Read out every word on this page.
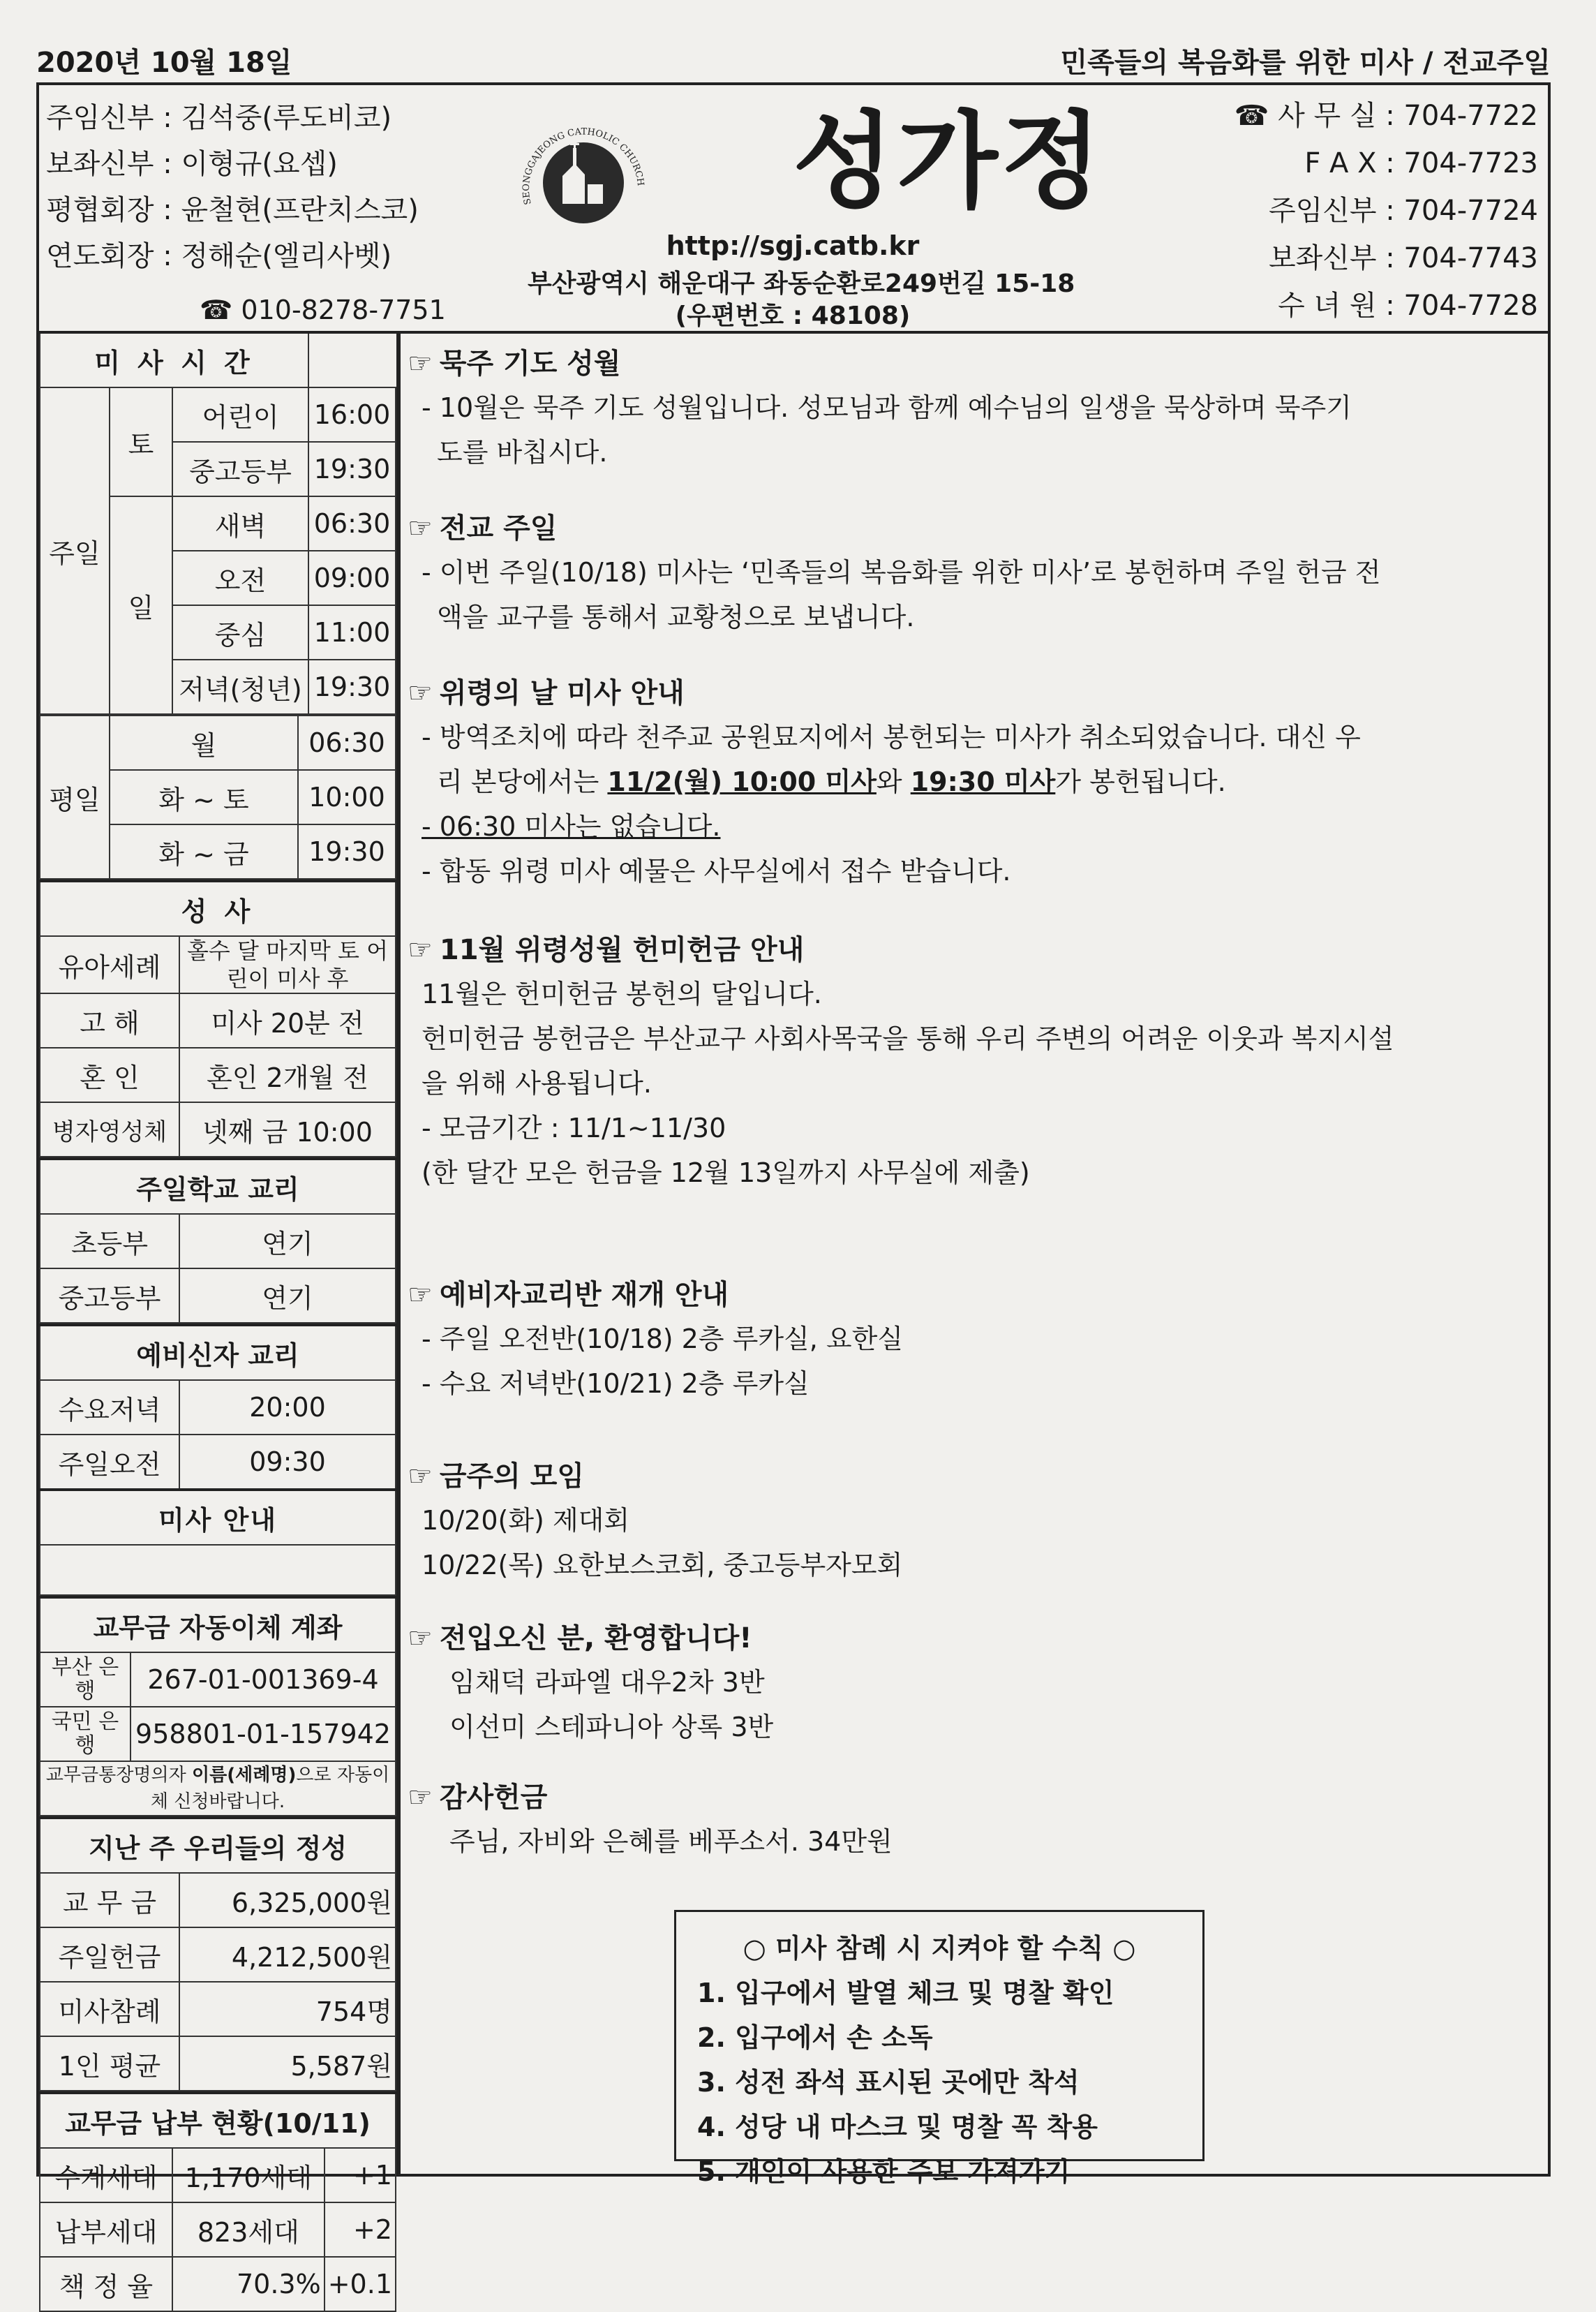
2020년 10월 18일	민족들의 복음화를 위한 미사 / 전교주일
주임신부 : 김석중(루도비코)
보좌신부 : 이형규(요셉)
평협회장 : 윤철현(프란치스코)
연도회장 : 정해순(엘리사벳)
☎ 010-8278-7751
SEONGGAJEONG CATHOLIC CHURCH 성가정
http://sgj.catb.kr
부산광역시 해운대구 좌동순환로249번길 15-18
(우편번호 : 48108)
☎ 사 무 실 : 704-7722
F A X : 704-7723
주임신부 : 704-7724
보좌신부 : 704-7743
수 녀 원 : 704-7728
미 사 시 간			
주일	토	어린이	16:00
		중고등부	19:30
	일	새벽	06:30
		오전	09:00
		중심	11:00
		저녁(청년)	19:30
평일	월	06:30
	화 ~ 토	10:00
	화 ~ 금	19:30
성 사	
유아세례	홀수 달 마지막 토 어린이 미사 후
고 해	미사 20분 전
혼 인	혼인 2개월 전
병자영성체	넷째 금 10:00
주일학교 교리	
초등부	연기
중고등부	연기
예비신자 교리	
수요저녁	20:00
주일오전	09:30
미사 안내	

교무금 자동이체 계좌	
부산 은행	267-01-001369-4
국민 은행	958801-01-157942
교무금통장명의자 이름(세례명)으로 자동이체 신청바랍니다.	
지난 주 우리들의 정성	
교 무 금	6,325,000원
주일헌금	4,212,500원
미사참례	754명
1인 평균	5,587원
교무금 납부 현황(10/11)		
수계세대	1,170세대	+1
납부세대	823세대	+2
책 정 율	70.3%	+0.1
☞ 묵주 기도 성월
- 10월은 묵주 기도 성월입니다. 성모님과 함께 예수님의 일생을 묵상하며 묵주기
도를 바칩시다.
☞ 전교 주일
- 이번 주일(10/18) 미사는 ‘민족들의 복음화를 위한 미사’로 봉헌하며 주일 헌금 전
액을 교구를 통해서 교황청으로 보냅니다.
☞ 위령의 날 미사 안내
- 방역조치에 따라 천주교 공원묘지에서 봉헌되는 미사가 취소되었습니다. 대신 우
리 본당에서는 11/2(월) 10:00 미사와 19:30 미사가 봉헌됩니다.
- 06:30 미사는 없습니다.
- 합동 위령 미사 예물은 사무실에서 접수 받습니다.
☞ 11월 위령성월 헌미헌금 안내
11월은 헌미헌금 봉헌의 달입니다.
헌미헌금 봉헌금은 부산교구 사회사목국을 통해 우리 주변의 어려운 이웃과 복지시설
을 위해 사용됩니다.
- 모금기간 : 11/1~11/30
(한 달간 모은 헌금을 12월 13일까지 사무실에 제출)
☞ 예비자교리반 재개 안내
- 주일 오전반(10/18) 2층 루카실, 요한실
- 수요 저녁반(10/21) 2층 루카실
☞ 금주의 모임
10/20(화) 제대회
10/22(목) 요한보스코회, 중고등부자모회
☞ 전입오신 분, 환영합니다!
임채덕 라파엘 대우2차 3반
이선미 스테파니아 상록 3반
☞ 감사헌금
주님, 자비와 은혜를 베푸소서. 34만원
○ 미사 참례 시 지켜야 할 수칙 ○
1. 입구에서 발열 체크 및 명찰 확인
2. 입구에서 손 소독
3. 성전 좌석 표시된 곳에만 착석
4. 성당 내 마스크 및 명찰 꼭 착용
5. 개인이 사용한 주보 가져가기
